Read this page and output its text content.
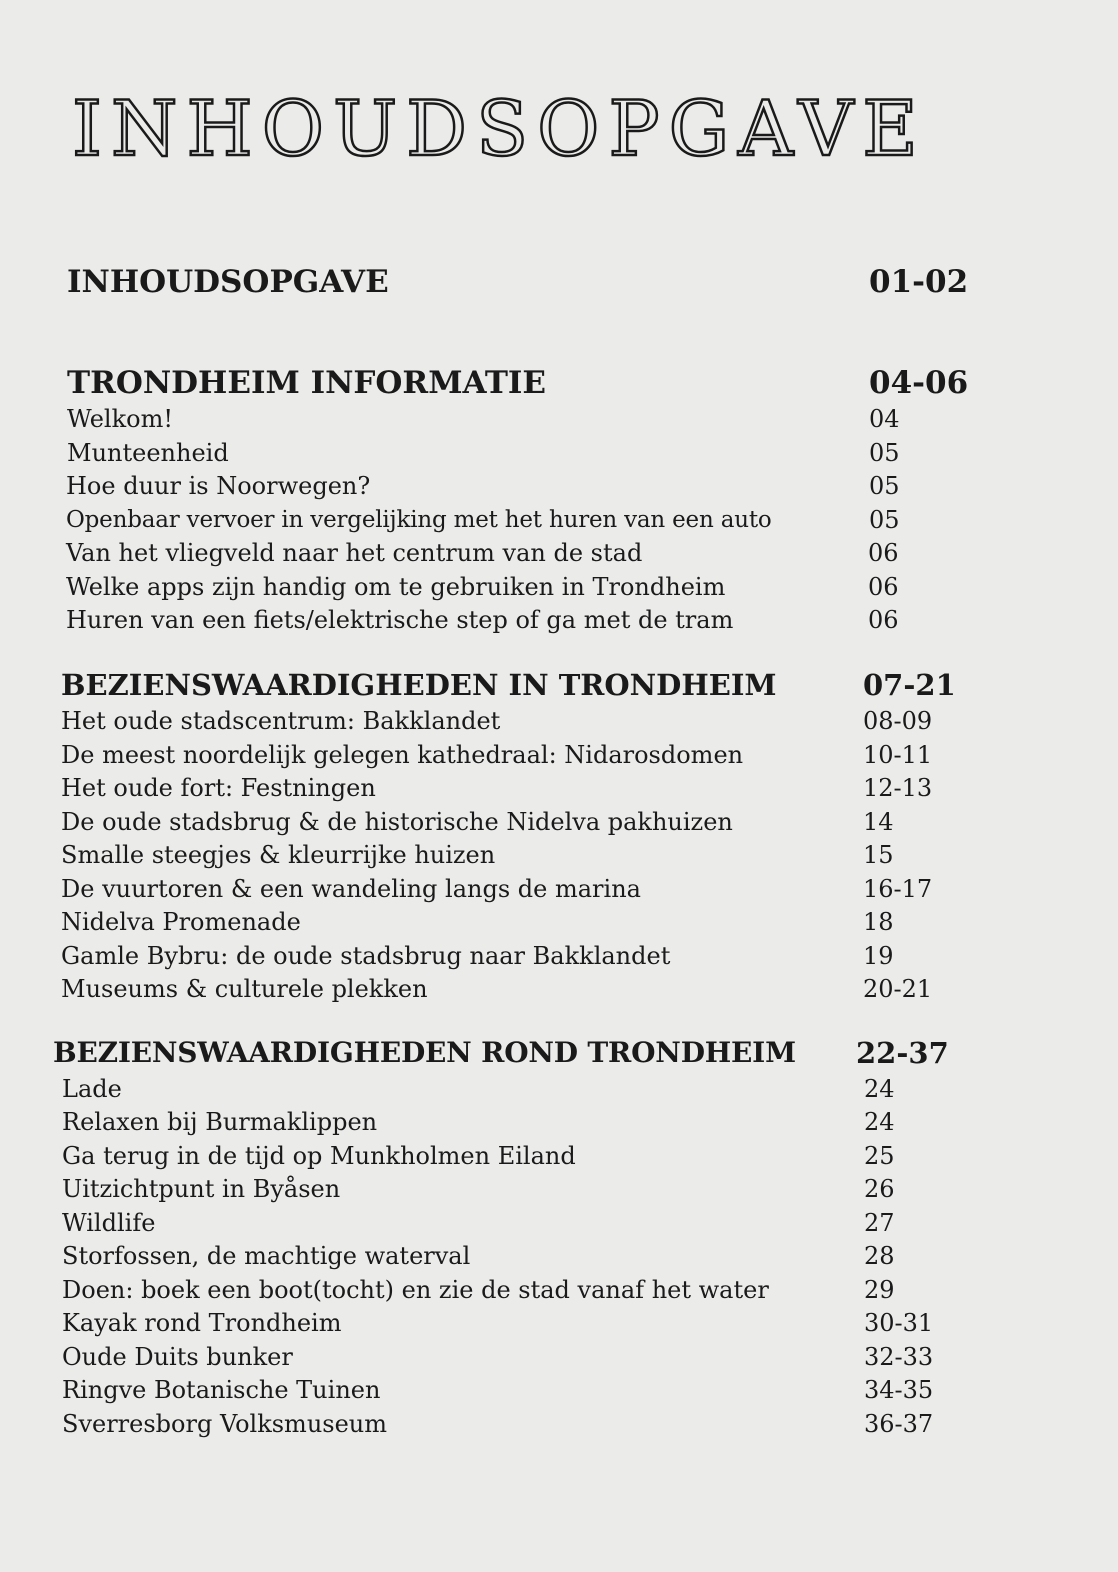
INHOUDSOPGAVE
INHOUDSOPGAVE	01-02
TRONDHEIM INFORMATIE	04-06
Welkom!	04
Munteenheid	05
Hoe duur is Noorwegen?	05
Openbaar vervoer in vergelijking met het huren van een auto	05
Van het vliegveld naar het centrum van de stad	06
Welke apps zijn handig om te gebruiken in Trondheim	06
Huren van een fiets/elektrische step of ga met de tram	06
BEZIENSWAARDIGHEDEN IN TRONDHEIM	07-21
Het oude stadscentrum: Bakklandet	08-09
De meest noordelijk gelegen kathedraal: Nidarosdomen	10-11
Het oude fort: Festningen	12-13
De oude stadsbrug & de historische Nidelva pakhuizen	14
Smalle steegjes & kleurrijke huizen	15
De vuurtoren & een wandeling langs de marina	16-17
Nidelva Promenade	18
Gamle Bybru: de oude stadsbrug naar Bakklandet	19
Museums & culturele plekken	20-21
BEZIENSWAARDIGHEDEN ROND TRONDHEIM 22-37
Lade	24
Relaxen bij Burmaklippen	24
Ga terug in de tijd op Munkholmen Eiland	25
Uitzichtpunt in Byåsen	26
Wildlife	27
Storfossen, de machtige waterval	28
Doen: boek een boot(tocht) en zie de stad vanaf het water	29
Kayak rond Trondheim	30-31
Oude Duits bunker	32-33
Ringve Botanische Tuinen	34-35
Sverresborg Volksmuseum	36-37
